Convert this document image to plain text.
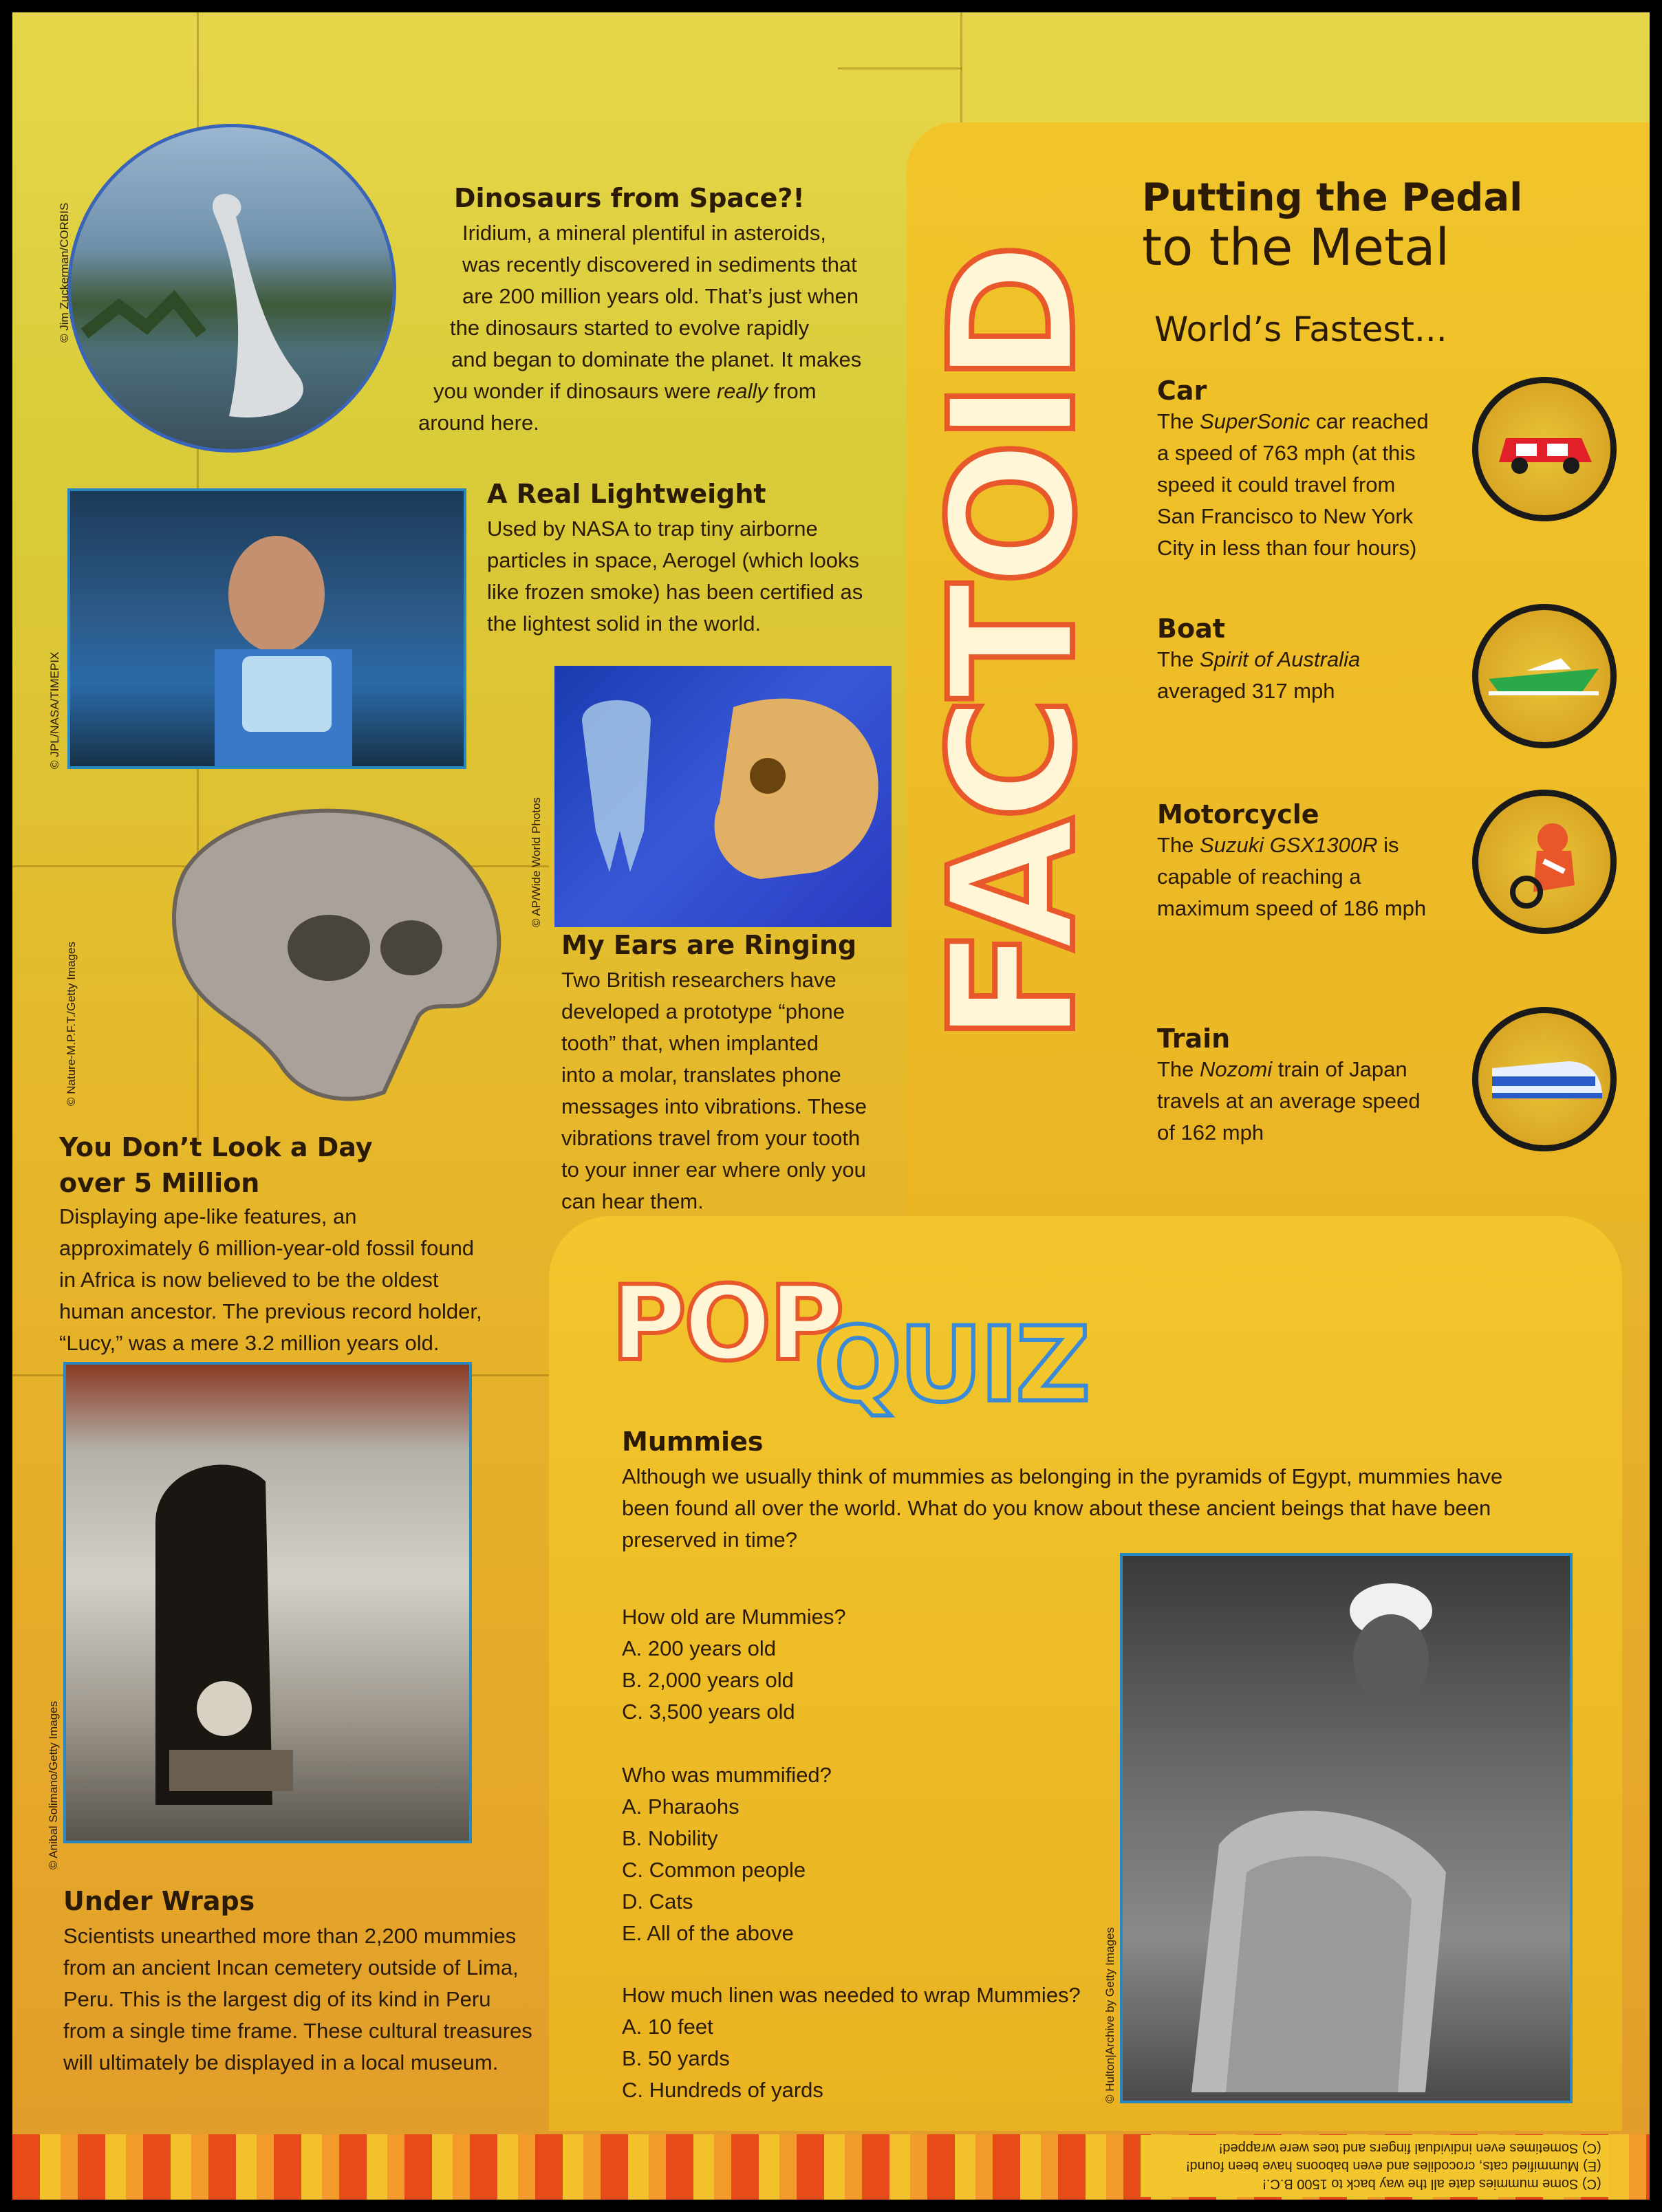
© Jim Zuckerman/CORBIS

Dinosaurs from Space?!

Iridium, a mineral plentiful in asteroids,

was recently discovered in sediments that

are 200 million years old. That’s just when

the dinosaurs started to evolve rapidly

and began to dominate the planet. It makes

you wonder if dinosaurs were really from

around here.

© JPL/NASA/TIMEPIX

A Real Lightweight

Used by NASA to trap tiny airborne

particles in space, Aerogel (which looks

like frozen smoke) has been certified as

the lightest solid in the world.

© AP/Wide World Photos

My Ears are Ringing

Two British researchers have

developed a prototype “phone

tooth” that, when implanted

into a molar, translates phone

messages into vibrations. These

vibrations travel from your tooth

to your inner ear where only you

can hear them.

© Nature-M.P.F.T./Getty Images

You Don’t Look a Day

over 5 Million

Displaying ape-like features, an

approximately 6 million-year-old fossil found

in Africa is now believed to be the oldest

human ancestor. The previous record holder,

“Lucy,” was a mere 3.2 million years old.

© Anibal Solimano/Getty Images

Under Wraps

Scientists unearthed more than 2,200 mummies

from an ancient Incan cemetery outside of Lima,

Peru. This is the largest dig of its kind in Peru

from a single time frame. These cultural treasures

will ultimately be displayed in a local museum.

FACTOID

Putting the Pedal

to the Metal

World’s Fastest...

Car

The SuperSonic car reached

a speed of 763 mph (at this

speed it could travel from

San Francisco to New York

City in less than four hours)

Boat

The Spirit of Australia

averaged 317 mph

Motorcycle

The Suzuki GSX1300R is

capable of reaching a

maximum speed of 186 mph

Train

The Nozomi train of Japan

travels at an average speed

of 162 mph

POPQUIZ

Mummies

Although we usually think of mummies as belonging in the pyramids of Egypt, mummies have

been found all over the world. What do you know about these ancient beings that have been

preserved in time?

How old are Mummies?

A. 200 years old

B. 2,000 years old

C. 3,500 years old

Who was mummified?

A. Pharaohs

B. Nobility

C. Common people

D. Cats

E. All of the above

How much linen was needed to wrap Mummies?

A. 10 feet

B. 50 yards

C. Hundreds of yards	© Hulton|Archive by Getty Images
(C) Some mummies date all the way back to 1500 B.C.!
(E) Mummified cats, crocodiles and even baboons have been found!
(C) Sometimes even individual fingers and toes were wrapped!
